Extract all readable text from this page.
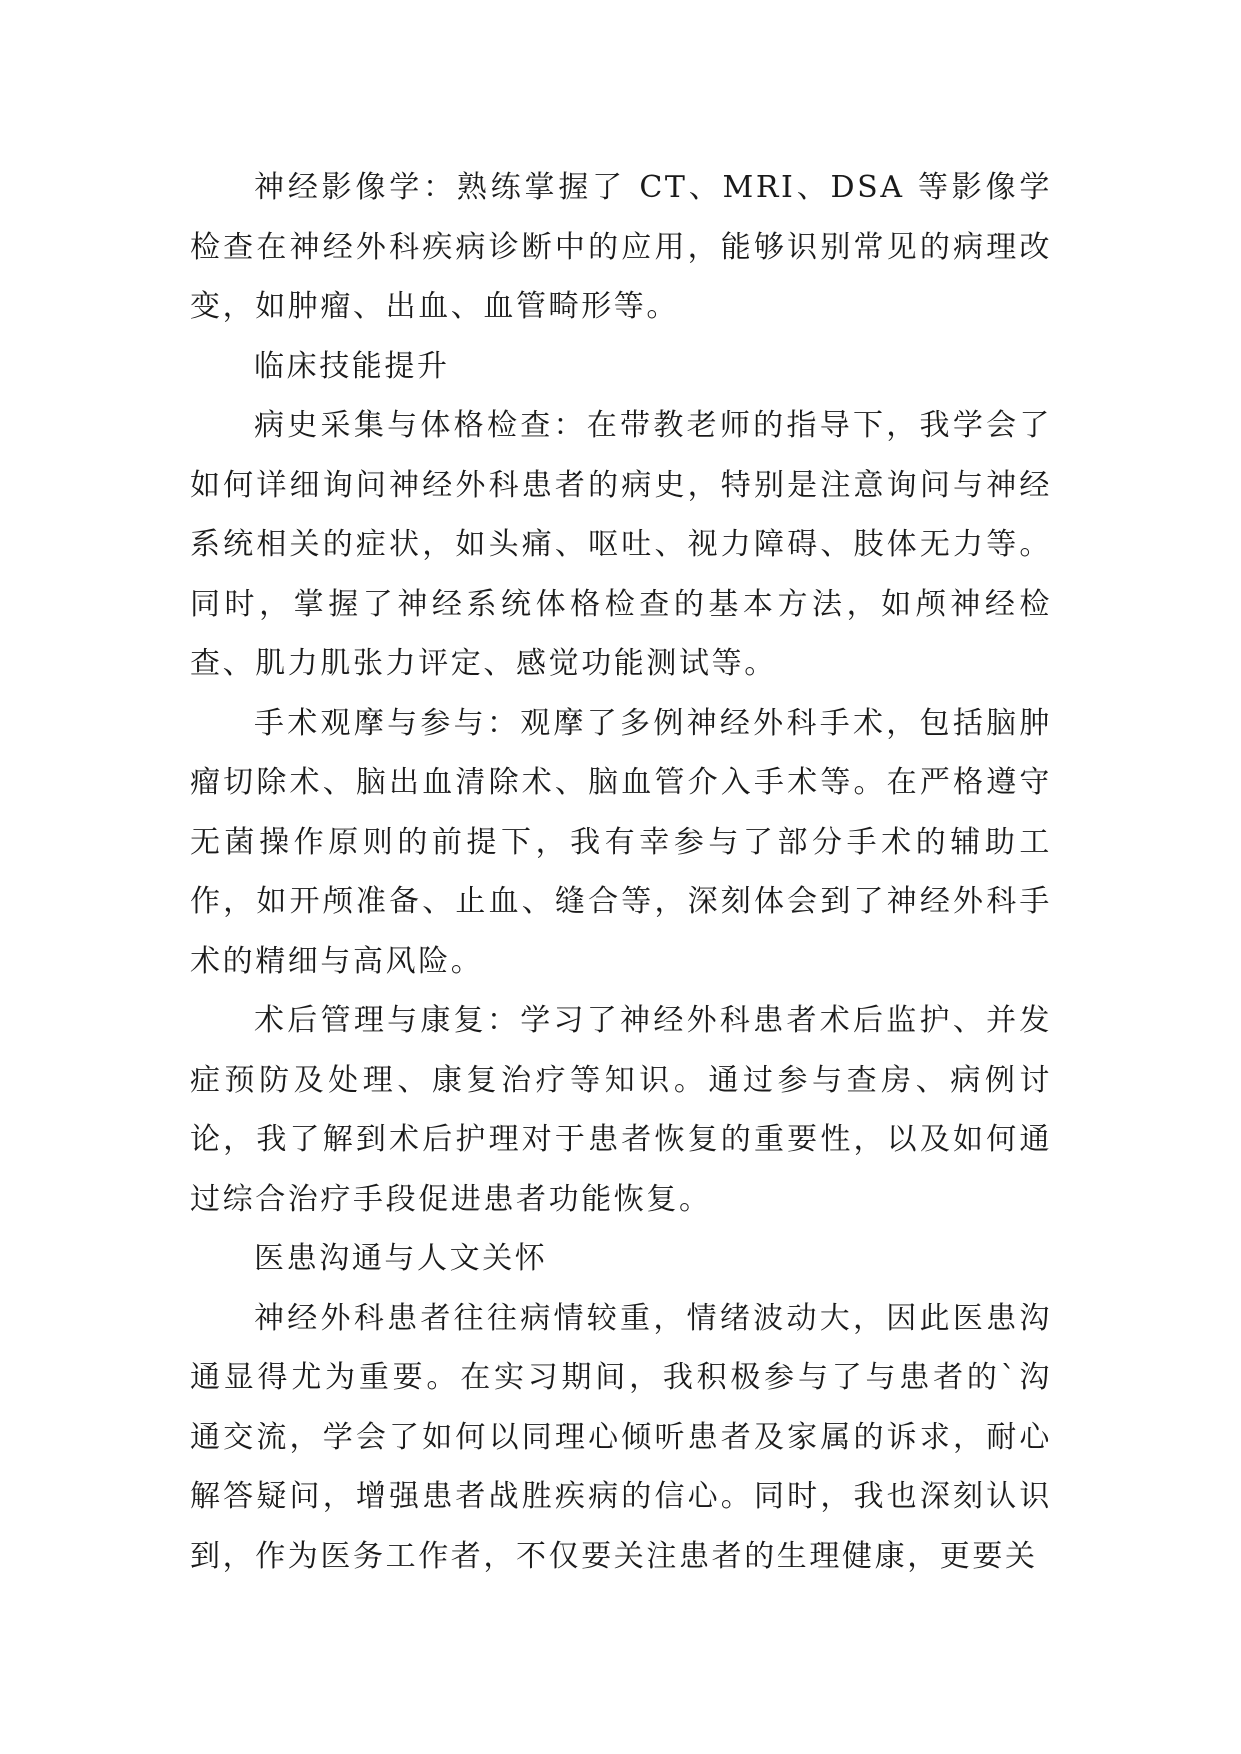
神经影像学：熟练掌握了 CT、MRI、DSA 等影像学检查在神经外科疾病诊断中的应用，能够识别常见的病理改变，如肿瘤、出血、血管畸形等。

临床技能提升

病史采集与体格检查：在带教老师的指导下，我学会了如何详细询问神经外科患者的病史，特别是注意询问与神经系统相关的症状，如头痛、呕吐、视力障碍、肢体无力等。同时，掌握了神经系统体格检查的基本方法，如颅神经检查、肌力肌张力评定、感觉功能测试等。

手术观摩与参与：观摩了多例神经外科手术，包括脑肿瘤切除术、脑出血清除术、脑血管介入手术等。在严格遵守无菌操作原则的前提下，我有幸参与了部分手术的辅助工作，如开颅准备、止血、缝合等，深刻体会到了神经外科手术的精细与高风险。

术后管理与康复：学习了神经外科患者术后监护、并发症预防及处理、康复治疗等知识。通过参与查房、病例讨论，我了解到术后护理对于患者恢复的重要性，以及如何通过综合治疗手段促进患者功能恢复。

医患沟通与人文关怀

神经外科患者往往病情较重，情绪波动大，因此医患沟通显得尤为重要。在实习期间，我积极参与了与患者的`沟通交流，学会了如何以同理心倾听患者及家属的诉求，耐心解答疑问，增强患者战胜疾病的信心。同时，我也深刻认识到，作为医务工作者，不仅要关注患者的生理健康，更要关
